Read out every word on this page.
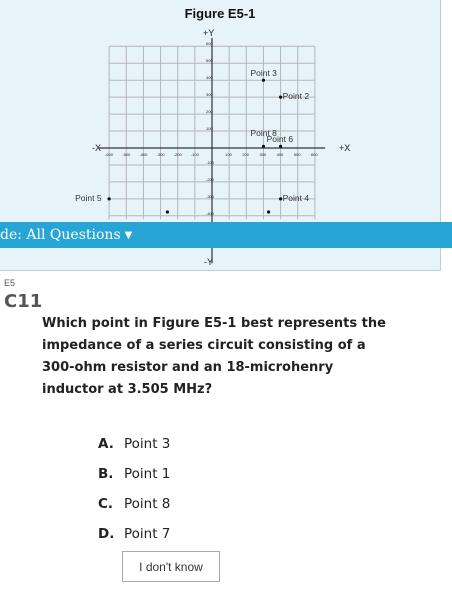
Figure E5-1
+Y
-Y
+X
-X
600
500
400
300
200
100
-100
-200
-300
-400
-600 -500 -400 -300 -200 -100	100	200	300	400	500	600
Point 3
Point 2
Point 8
Point 6
Point 5	Point 4
de: All Questions ▼
E5
C11
Which point in Figure E5-1 best represents the impedance of a series circuit consisting of a 300-ohm resistor and an 18-microhenry inductor at 3.505 MHz?
A. Point 3
B. Point 1
C. Point 8
D. Point 7
I don't know
